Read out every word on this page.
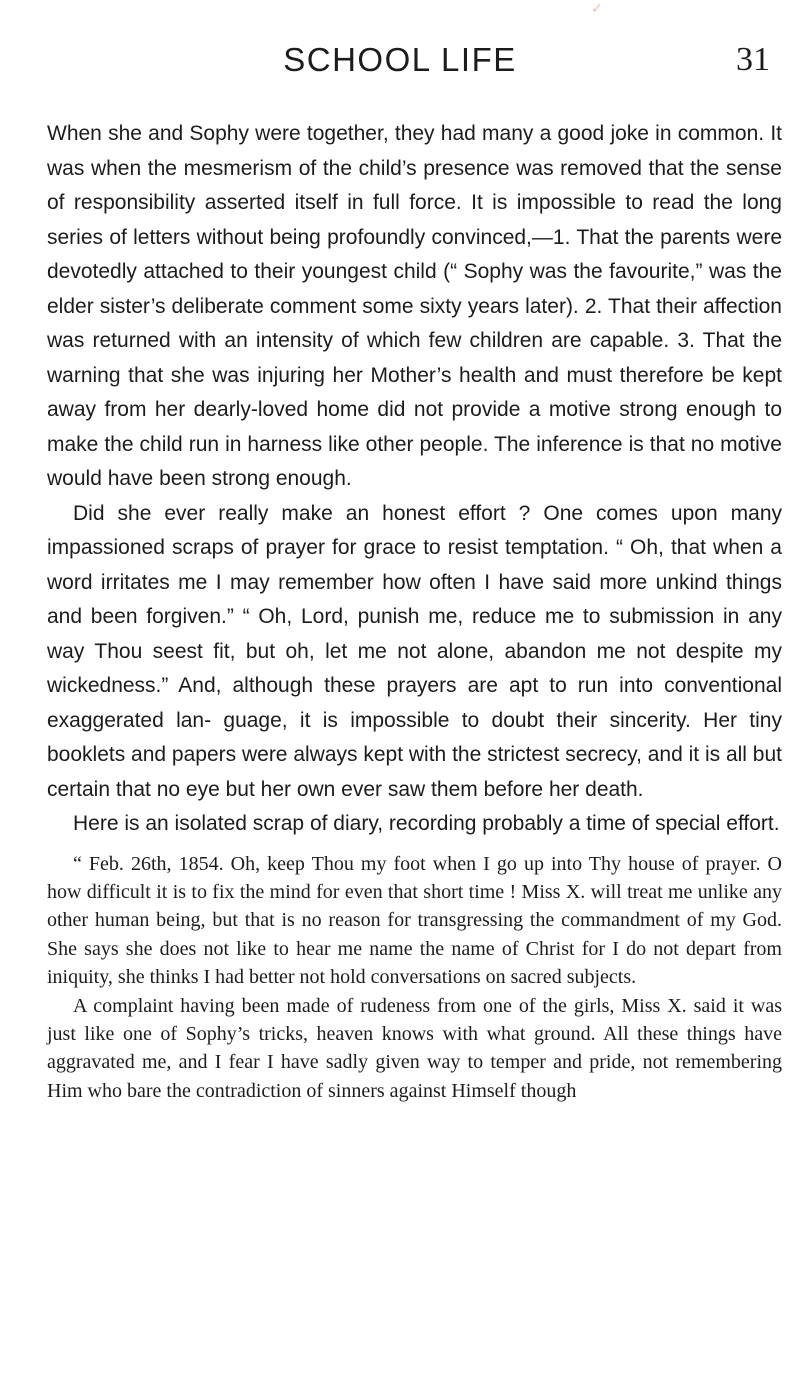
✓
SCHOOL LIFE	31

When she and Sophy were together, they had many a good joke in common. It was when the mesmerism of the child’s presence was removed that the sense of responsibility asserted itself in full force. It is impossible to read the long series of letters without being profoundly convinced,—1. That the parents were devotedly attached to their youngest child (“ Sophy was the favourite,” was the elder sister’s deliberate comment some sixty years later). 2. That their affection was returned with an intensity of which few children are capable. 3. That the warning that she was injuring her Mother’s health and must therefore be kept away from her dearly-loved home did not provide a motive strong enough to make the child run in harness like other people. The inference is that no motive would have been strong enough.

Did she ever really make an honest effort ? One comes upon many impassioned scraps of prayer for grace to resist temptation. “ Oh, that when a word irritates me I may remember how often I have said more unkind things and been forgiven.” “ Oh, Lord, punish me, reduce me to submission in any way Thou seest fit, but oh, let me not alone, abandon me not despite my wickedness.” And, although these prayers are apt to run into conventional exaggerated lan- guage, it is impossible to doubt their sincerity. Her tiny booklets and papers were always kept with the strictest secrecy, and it is all but certain that no eye but her own ever saw them before her death.

Here is an isolated scrap of diary, recording probably a time of special effort.

“ Feb. 26th, 1854. Oh, keep Thou my foot when I go up into Thy house of prayer. O how difficult it is to fix the mind for even that short time ! Miss X. will treat me unlike any other human being, but that is no reason for transgressing the commandment of my God. She says she does not like to hear me name the name of Christ for I do not depart from iniquity, she thinks I had better not hold conversations on sacred subjects.

A complaint having been made of rudeness from one of the girls, Miss X. said it was just like one of Sophy’s tricks, heaven knows with what ground. All these things have aggravated me, and I fear I have sadly given way to temper and pride, not remembering Him who bare the contradiction of sinners against Himself though
